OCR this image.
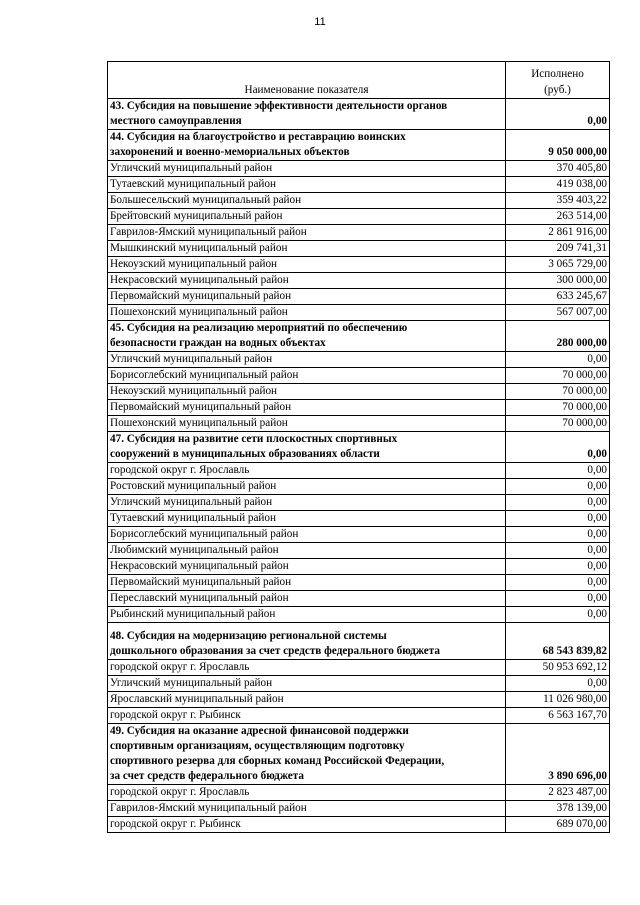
11
Наименование показателя	Исполнено
(руб.)

43. Субсидия на повышение эффективности деятельности органов
местного самоуправления	0,00

44. Субсидия на благоустройство и реставрацию воинских
захоронений и военно-мемориальных объектов	9 050 000,00
Угличский муниципальный район	370 405,80
Тутаевский муниципальный район	419 038,00
Большесельский муниципальный район	359 403,22
Брейтовский муниципальный район	263 514,00
Гаврилов-Ямский муниципальный район	2 861 916,00
Мышкинский муниципальный район	209 741,31
Некоузский муниципальный район	3 065 729,00
Некрасовский муниципальный район	300 000,00
Первомайский муниципальный район	633 245,67
Пошехонский муниципальный район	567 007,00

45. Субсидия на реализацию мероприятий по обеспечению
безопасности граждан на водных объектах	280 000,00
Угличский муниципальный район	0,00
Борисоглебский муниципальный район	70 000,00
Некоузский муниципальный район	70 000,00
Первомайский муниципальный район	70 000,00
Пошехонский муниципальный район	70 000,00

47. Субсидия на развитие сети плоскостных спортивных
сооружений в муниципальных образованиях области	0,00
городской округ г. Ярославль	0,00
Ростовский муниципальный район	0,00
Угличский муниципальный район	0,00
Тутаевский муниципальный район	0,00
Борисоглебский муниципальный район	0,00
Любимский муниципальный район	0,00
Некрасовский муниципальный район	0,00
Первомайский муниципальный район	0,00
Переславский муниципальный район	0,00
Рыбинский муниципальный район	0,00

48. Субсидия на модернизацию региональной системы
дошкольного образования за счет средств федерального бюджета	68 543 839,82
городской округ г. Ярославль	50 953 692,12
Угличский муниципальный район	0,00
Ярославский муниципальный район	11 026 980,00
городской округ г. Рыбинск	6 563 167,70

49. Субсидия на оказание адресной финансовой поддержки
спортивным организациям, осуществляющим подготовку
спортивного резерва для сборных команд Российской Федерации,
за счет средств федерального бюджета	3 890 696,00
городской округ г. Ярославль	2 823 487,00
Гаврилов-Ямский муниципальный район	378 139,00
городской округ г. Рыбинск	689 070,00
